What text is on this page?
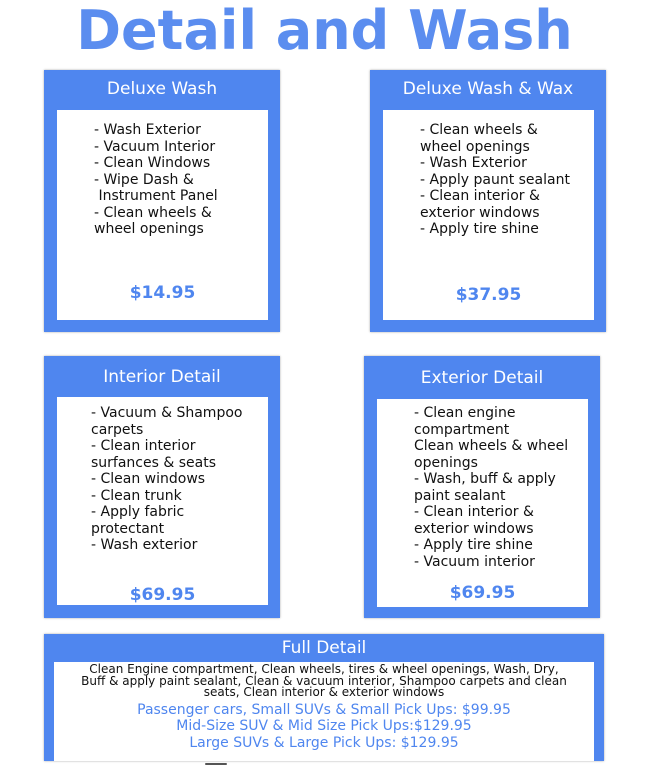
Detail and Wash
Deluxe Wash
- Wash Exterior
- Vacuum Interior
- Clean Windows
- Wipe Dash &
Instrument Panel
- Clean wheels &
wheel openings
$14.95
Deluxe Wash & Wax
- Clean wheels &
wheel openings
- Wash Exterior
- Apply paunt sealant
- Clean interior &
exterior windows
- Apply tire shine
$37.95
Interior Detail
- Vacuum & Shampoo
carpets
- Clean interior
surfances & seats
- Clean windows
- Clean trunk
- Apply fabric
protectant
- Wash exterior
$69.95
Exterior Detail
- Clean engine
compartment
Clean wheels & wheel
openings
- Wash, buff & apply
paint sealant
- Clean interior &
exterior windows
- Apply tire shine
- Vacuum interior
$69.95
Full Detail
Clean Engine compartment, Clean wheels, tires & wheel openings, Wash, Dry,
Buff & apply paint sealant, Clean & vacuum interior, Shampoo carpets and clean
seats, Clean interior & exterior windows
Passenger cars, Small SUVs & Small Pick Ups: $99.95
Mid-Size SUV & Mid Size Pick Ups:$129.95
Large SUVs & Large Pick Ups: $129.95
